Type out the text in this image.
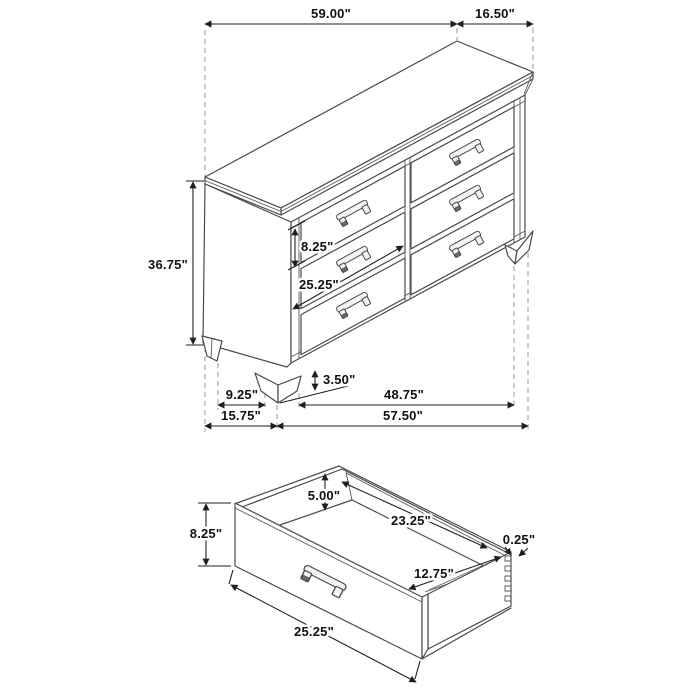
59.00"	16.50"
36.75"
8.25"
25.25"
3.50"
9.25"	48.75"
15.75"	57.50"
8.25"
5.00"
23.25"
12.75"
0.25"
25.25"
